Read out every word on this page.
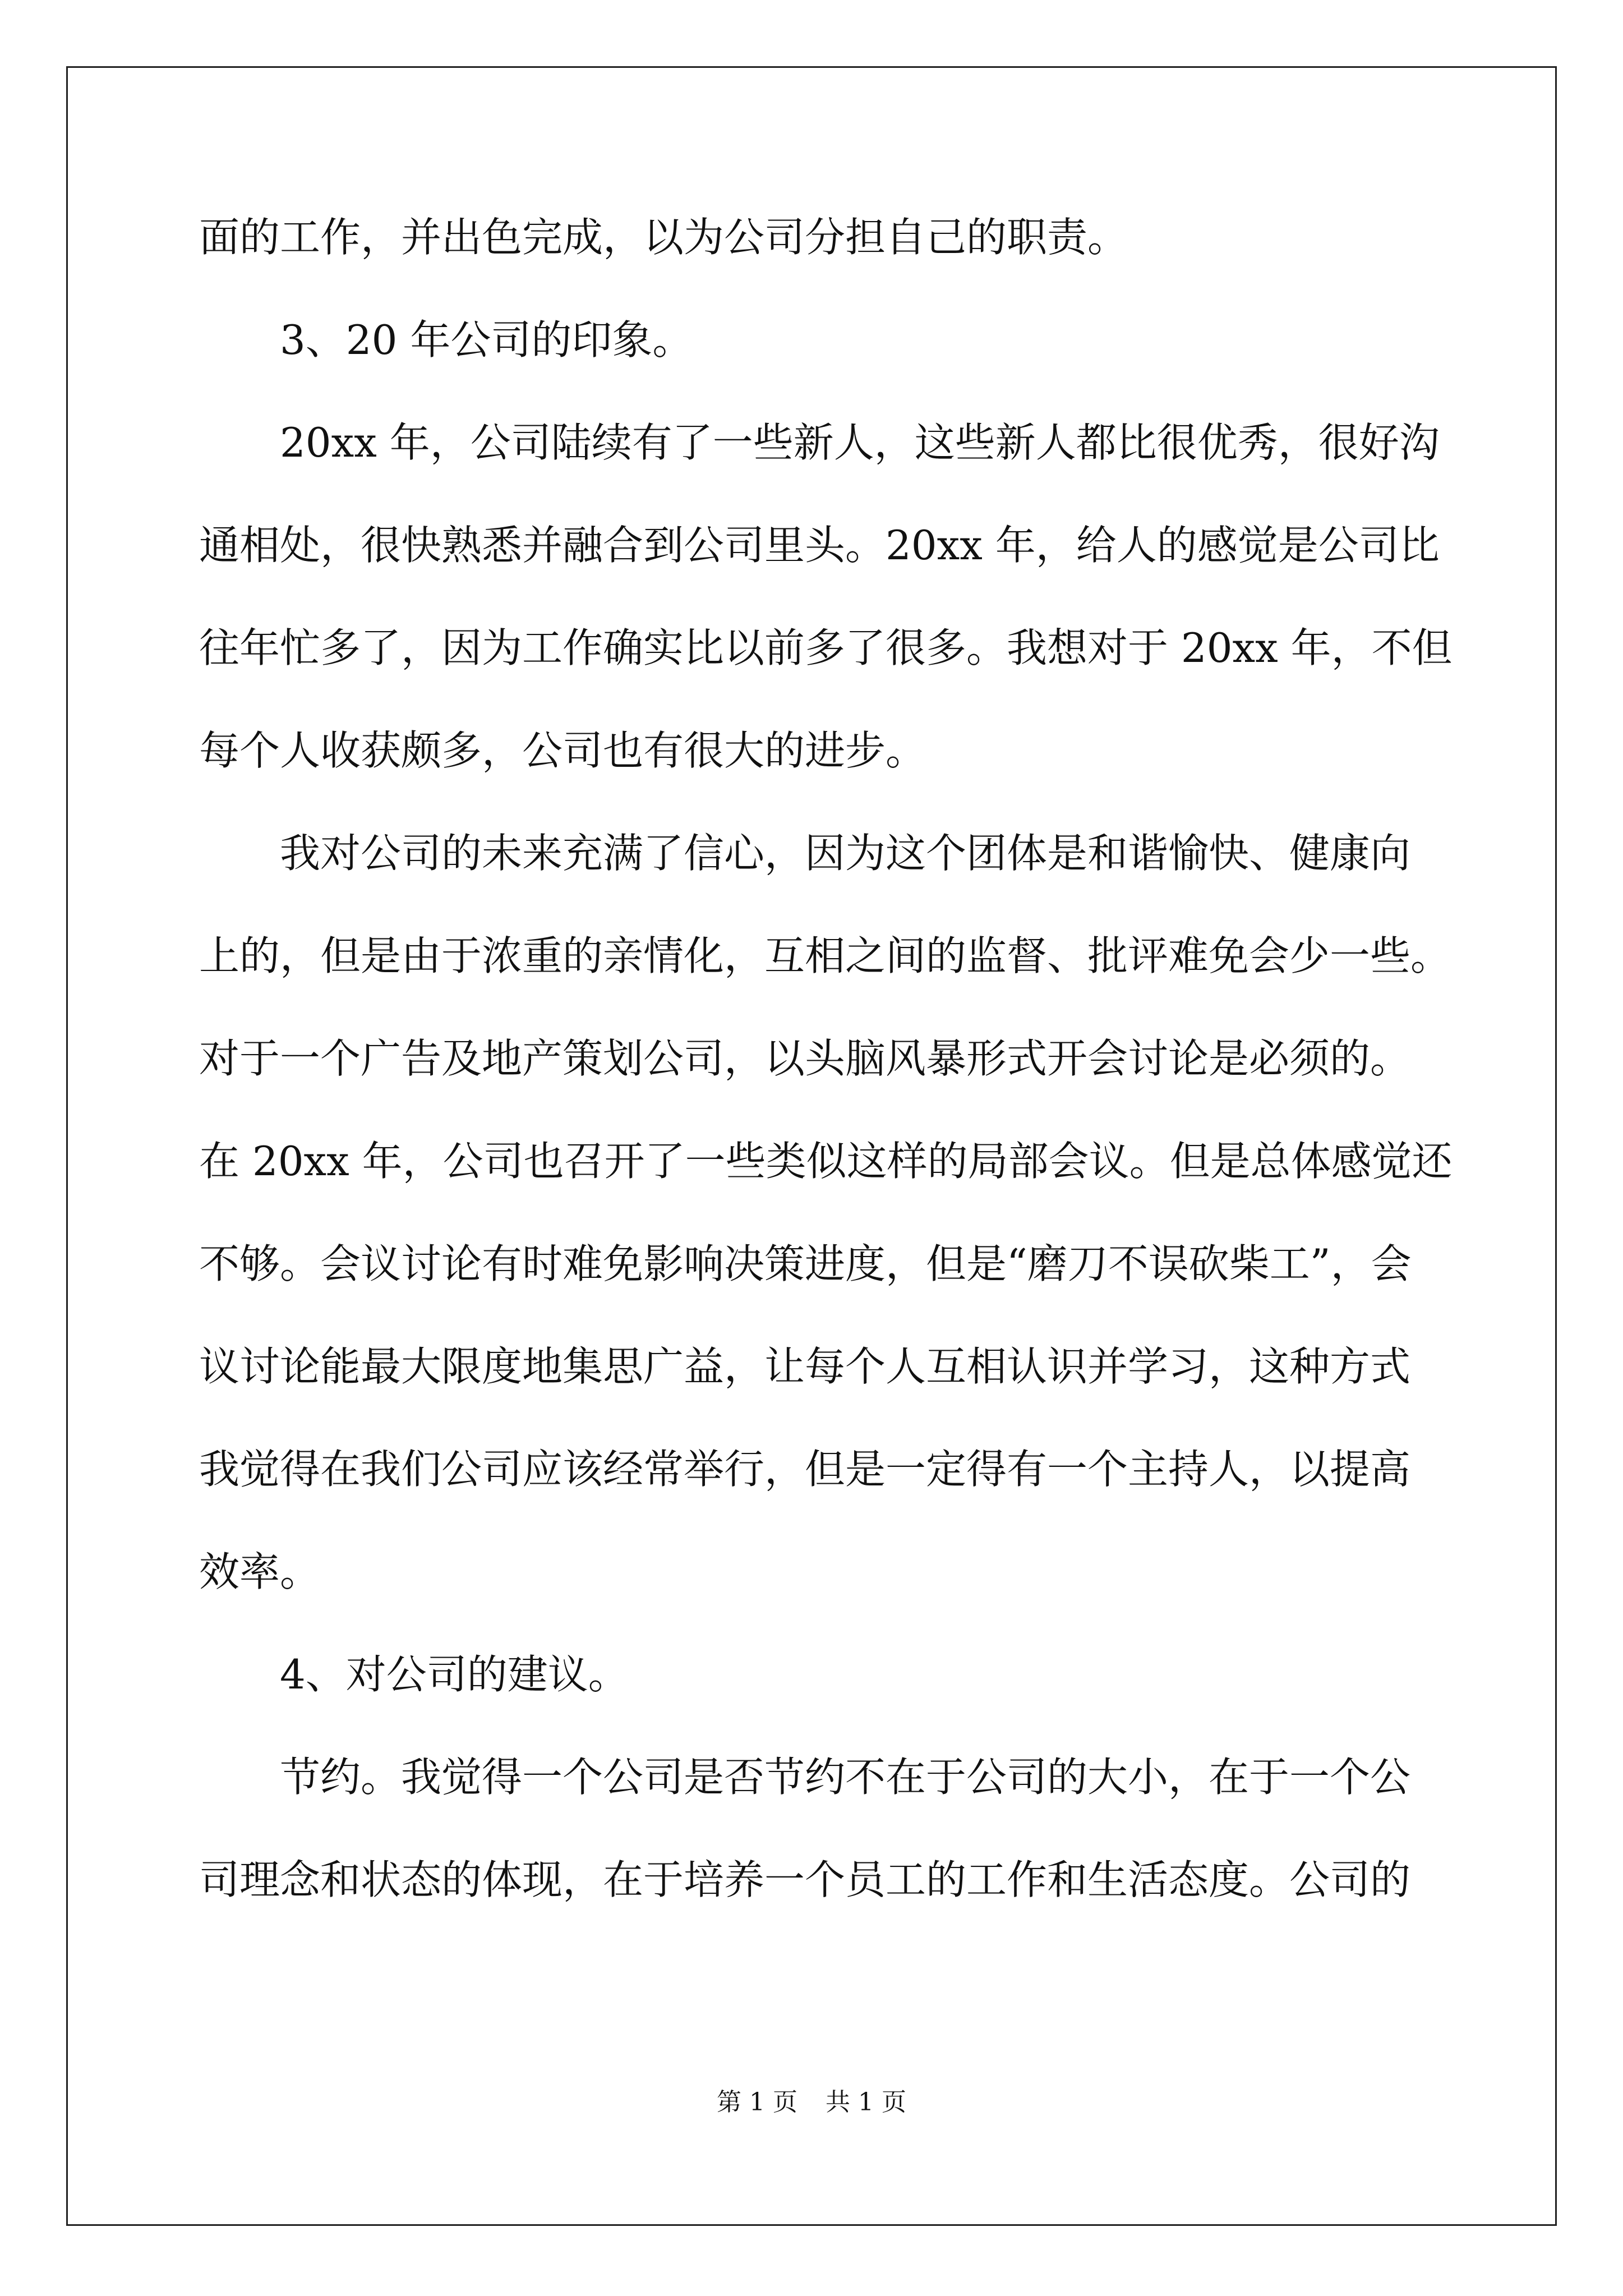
面的工作，并出色完成，以为公司分担自己的职责。
3、20 年公司的印象。
20xx 年，公司陆续有了一些新人，这些新人都比很优秀，很好沟
通相处，很快熟悉并融合到公司里头。20xx 年，给人的感觉是公司比
往年忙多了，因为工作确实比以前多了很多。我想对于 20xx 年，不但
每个人收获颇多，公司也有很大的进步。
我对公司的未来充满了信心，因为这个团体是和谐愉快、健康向
上的，但是由于浓重的亲情化，互相之间的监督、批评难免会少一些。
对于一个广告及地产策划公司，以头脑风暴形式开会讨论是必须的。
在 20xx 年，公司也召开了一些类似这样的局部会议。但是总体感觉还
不够。会议讨论有时难免影响决策进度，但是“磨刀不误砍柴工”，会
议讨论能最大限度地集思广益，让每个人互相认识并学习，这种方式
我觉得在我们公司应该经常举行，但是一定得有一个主持人，以提高
效率。
4、对公司的建议。
节约。我觉得一个公司是否节约不在于公司的大小，在于一个公
司理念和状态的体现，在于培养一个员工的工作和生活态度。公司的
第 1 页 共 1 页
